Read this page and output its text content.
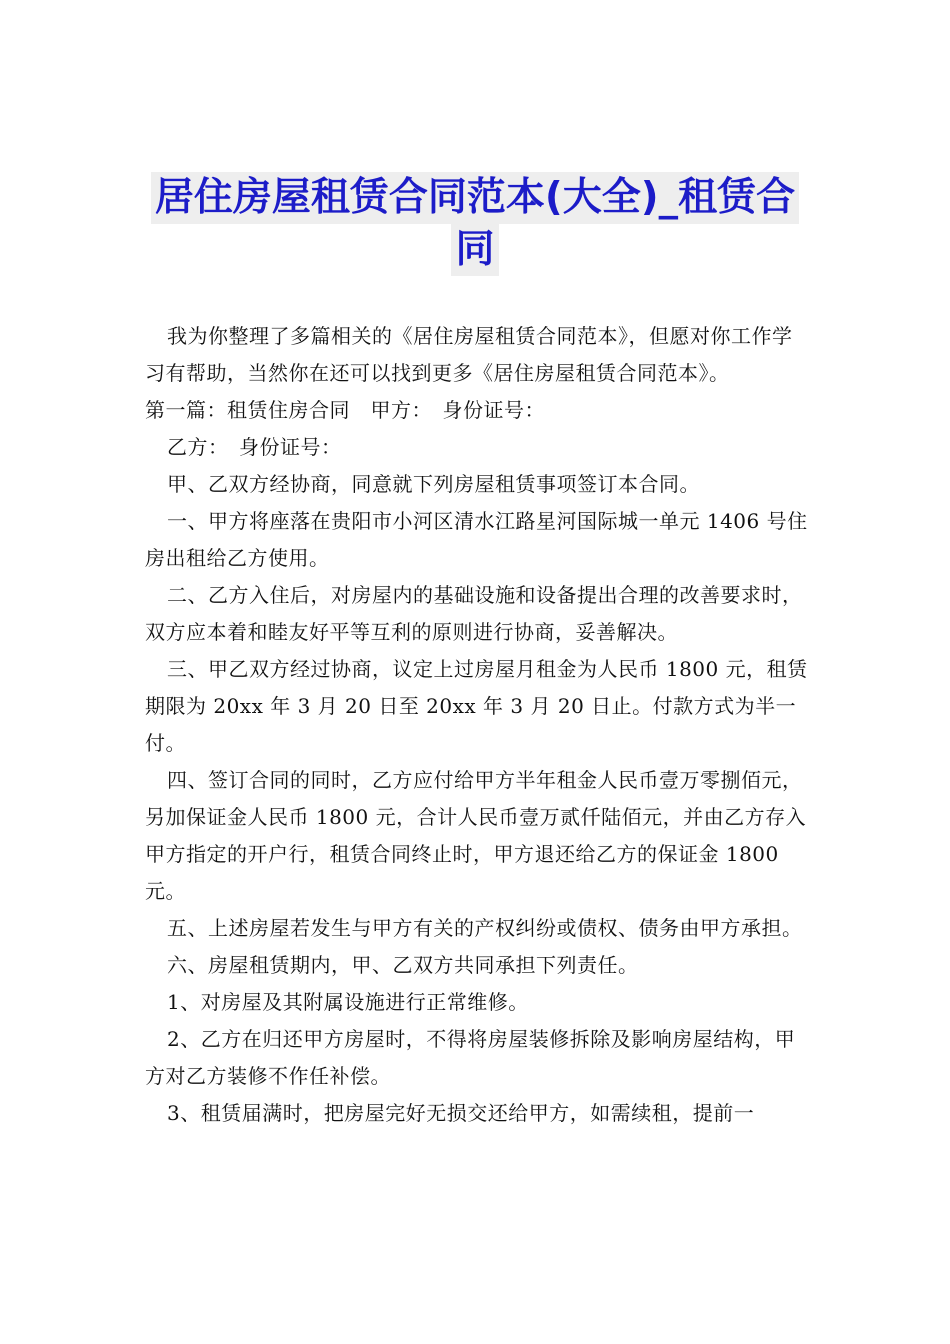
居住房屋租赁合同范本(大全)_租赁合
同

我为你整理了多篇相关的《居住房屋租赁合同范本》，但愿对你工作学习有帮助，当然你在还可以找到更多《居住房屋租赁合同范本》。

第一篇：租赁住房合同　甲方：　身份证号：

乙方：　身份证号：

甲、乙双方经协商，同意就下列房屋租赁事项签订本合同。

一、甲方将座落在贵阳市小河区清水江路星河国际城一单元 1406 号住房出租给乙方使用。

二、乙方入住后，对房屋内的基础设施和设备提出合理的改善要求时，双方应本着和睦友好平等互利的原则进行协商，妥善解决。

三、甲乙双方经过协商，议定上过房屋月租金为人民币 1800 元，租赁期限为 20xx 年 3 月 20 日至 20xx 年 3 月 20 日止。付款方式为半一付。

四、签订合同的同时，乙方应付给甲方半年租金人民币壹万零捌佰元，另加保证金人民币 1800 元，合计人民币壹万贰仟陆佰元，并由乙方存入甲方指定的开户行，租赁合同终止时，甲方退还给乙方的保证金 1800 元。

五、上述房屋若发生与甲方有关的产权纠纷或债权、债务由甲方承担。

六、房屋租赁期内，甲、乙双方共同承担下列责任。

1、对房屋及其附属设施进行正常维修。

2、乙方在归还甲方房屋时，不得将房屋装修拆除及影响房屋结构，甲方对乙方装修不作任补偿。

3、租赁届满时，把房屋完好无损交还给甲方，如需续租，提前一
